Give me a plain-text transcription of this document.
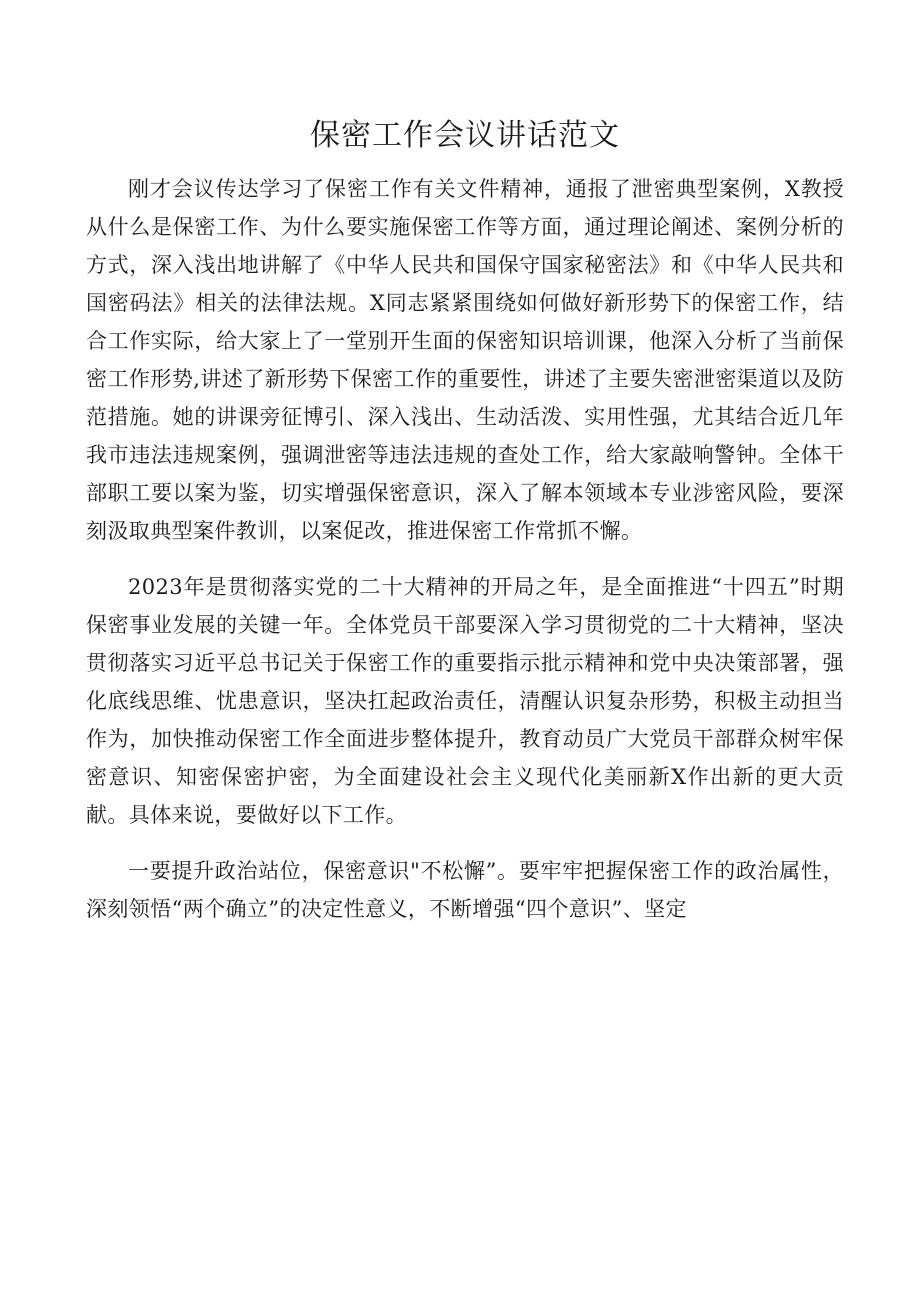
保密工作会议讲话范文

刚才会议传达学习了保密工作有关文件精神，通报了泄密典型案例，X教授从什么是保密工作、为什么要实施保密工作等方面，通过理论阐述、案例分析的方式，深入浅出地讲解了《中华人民共和国保守国家秘密法》和《中华人民共和国密码法》相关的法律法规。X同志紧紧围绕如何做好新形势下的保密工作，结合工作实际，给大家上了一堂别开生面的保密知识培训课，他深入分析了当前保密工作形势,讲述了新形势下保密工作的重要性，讲述了主要失密泄密渠道以及防范措施。她的讲课旁征博引、深入浅出、生动活泼、实用性强，尤其结合近几年我市违法违规案例，强调泄密等违法违规的查处工作，给大家敲响警钟。全体干部职工要以案为鉴，切实增强保密意识，深入了解本领域本专业涉密风险，要深刻汲取典型案件教训，以案促改，推进保密工作常抓不懈。

2023年是贯彻落实党的二十大精神的开局之年，是全面推进“十四五”时期保密事业发展的关键一年。全体党员干部要深入学习贯彻党的二十大精神，坚决贯彻落实习近平总书记关于保密工作的重要指示批示精神和党中央决策部署，强化底线思维、忧患意识，坚决扛起政治责任，清醒认识复杂形势，积极主动担当作为，加快推动保密工作全面进步整体提升，教育动员广大党员干部群众树牢保密意识、知密保密护密，为全面建设社会主义现代化美丽新X作出新的更大贡献。具体来说，要做好以下工作。

一要提升政治站位，保密意识"不松懈”。要牢牢把握保密工作的政治属性，深刻领悟“两个确立”的决定性意义，不断增强“四个意识”、坚定
